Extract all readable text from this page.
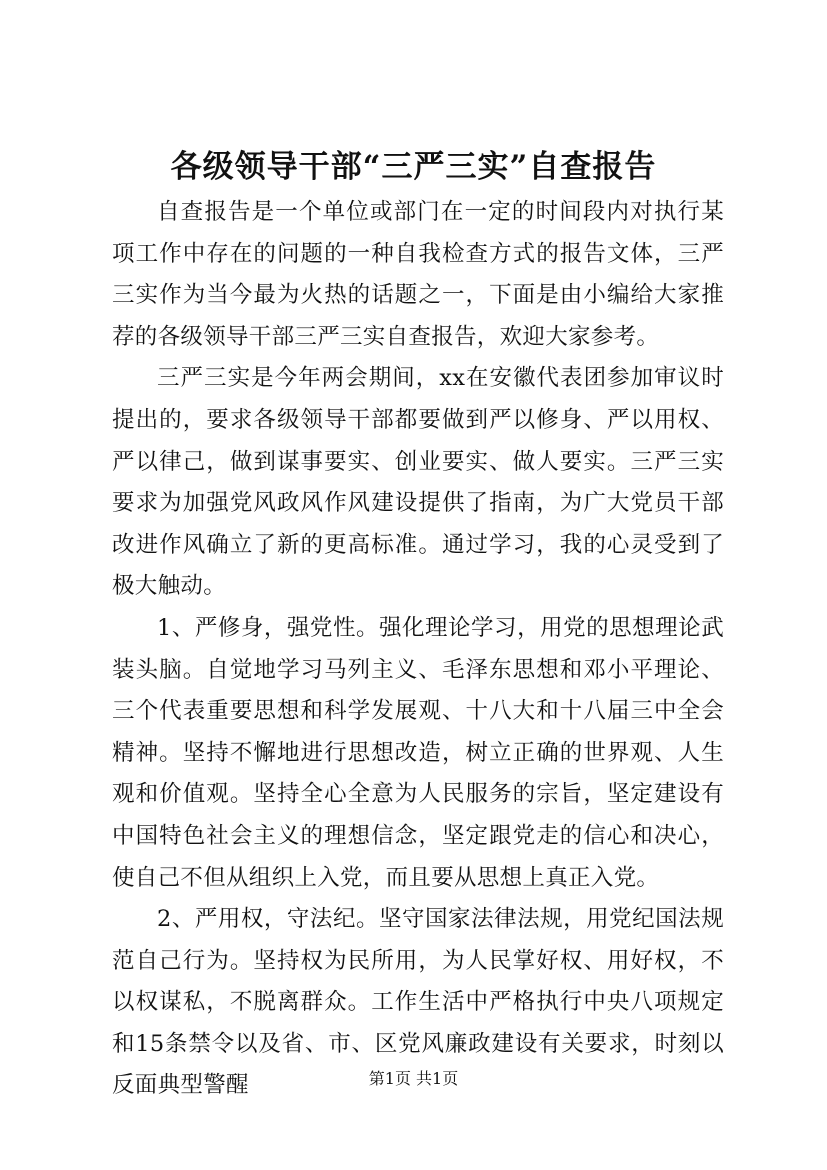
各级领导干部“三严三实”自查报告

自查报告是一个单位或部门在一定的时间段内对执行某项工作中存在的问题的一种自我检查方式的报告文体，三严三实作为当今最为火热的话题之一，下面是由小编给大家推荐的各级领导干部三严三实自查报告，欢迎大家参考。

三严三实是今年两会期间，xx在安徽代表团参加审议时提出的，要求各级领导干部都要做到严以修身、严以用权、严以律己，做到谋事要实、创业要实、做人要实。三严三实要求为加强党风政风作风建设提供了指南，为广大党员干部改进作风确立了新的更高标准。通过学习，我的心灵受到了极大触动。

1、严修身，强党性。强化理论学习，用党的思想理论武装头脑。自觉地学习马列主义、毛泽东思想和邓小平理论、三个代表重要思想和科学发展观、十八大和十八届三中全会精神。坚持不懈地进行思想改造，树立正确的世界观、人生观和价值观。坚持全心全意为人民服务的宗旨，坚定建设有中国特色社会主义的理想信念，坚定跟党走的信心和决心，使自己不但从组织上入党，而且要从思想上真正入党。

2、严用权，守法纪。坚守国家法律法规，用党纪国法规范自己行为。坚持权为民所用，为人民掌好权、用好权，不以权谋私，不脱离群众。工作生活中严格执行中央八项规定和15条禁令以及省、市、区党风廉政建设有关要求，时刻以反面典型警醒	第1页 共1页
